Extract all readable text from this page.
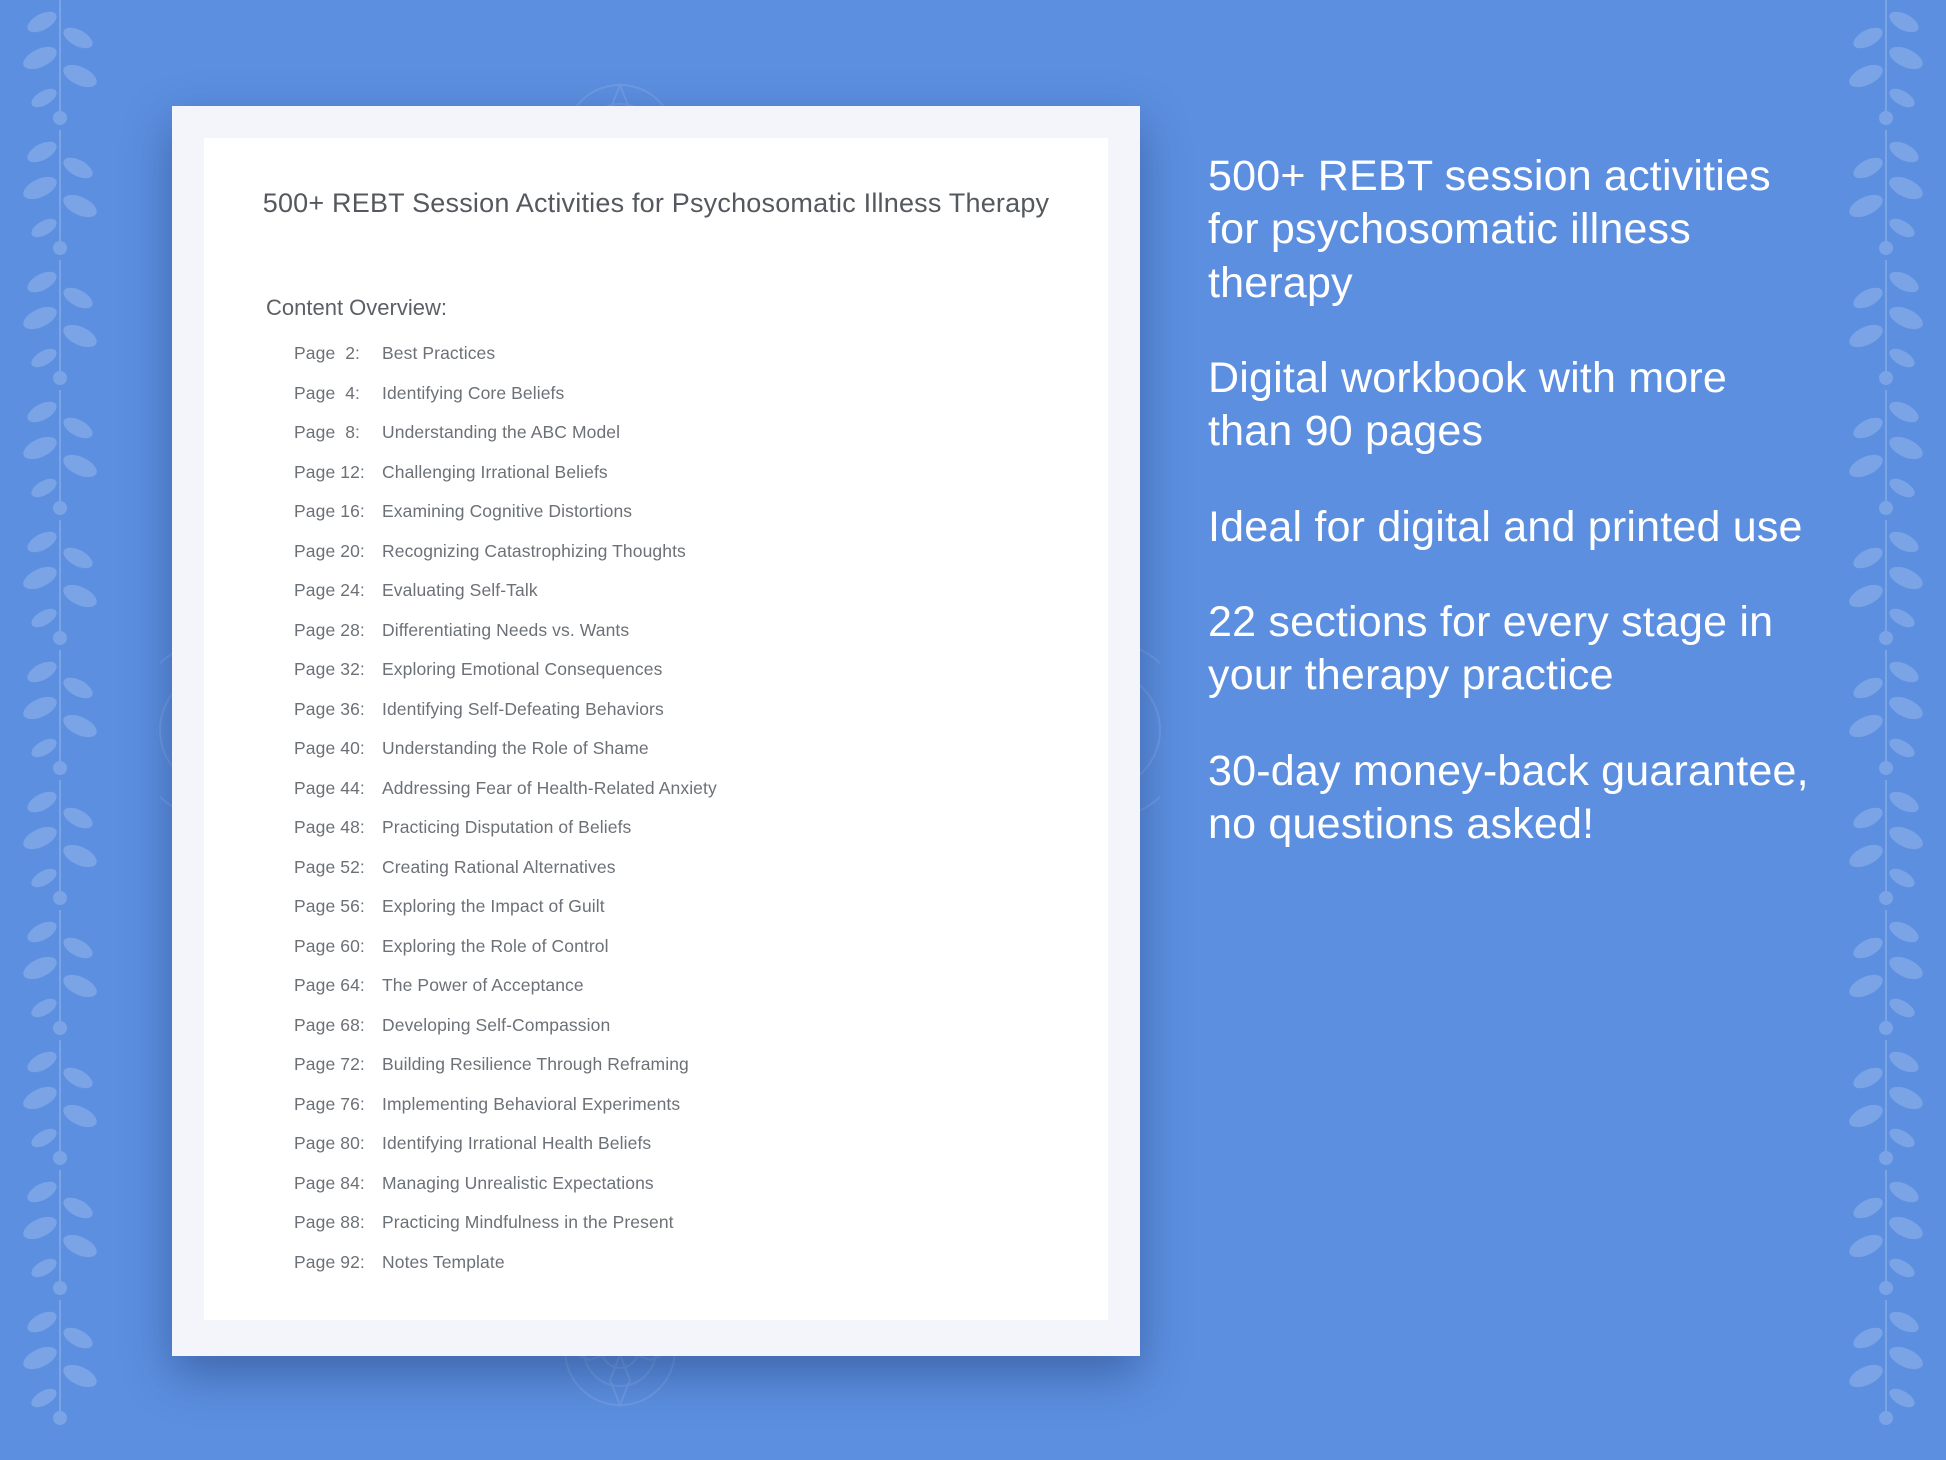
500+ REBT Session Activities for Psychosomatic Illness Therapy
Content Overview:
Page  2:	Best Practices
Page  4:	Identifying Core Beliefs
Page  8:	Understanding the ABC Model
Page 12: Challenging Irrational Beliefs
Page 16: Examining Cognitive Distortions
Page 20: Recognizing Catastrophizing Thoughts
Page 24: Evaluating Self-Talk
Page 28: Differentiating Needs vs. Wants
Page 32: Exploring Emotional Consequences
Page 36: Identifying Self-Defeating Behaviors
Page 40: Understanding the Role of Shame
Page 44: Addressing Fear of Health-Related Anxiety
Page 48: Practicing Disputation of Beliefs
Page 52: Creating Rational Alternatives
Page 56: Exploring the Impact of Guilt
Page 60: Exploring the Role of Control
Page 64: The Power of Acceptance
Page 68: Developing Self-Compassion
Page 72: Building Resilience Through Reframing
Page 76: Implementing Behavioral Experiments
Page 80: Identifying Irrational Health Beliefs
Page 84: Managing Unrealistic Expectations
Page 88: Practicing Mindfulness in the Present
Page 92: Notes Template
500+ REBT session activities for psychosomatic illness therapy
Digital workbook with more than 90 pages
Ideal for digital and printed use
22 sections for every stage in your therapy practice
30-day money-back guarantee, no questions asked!
